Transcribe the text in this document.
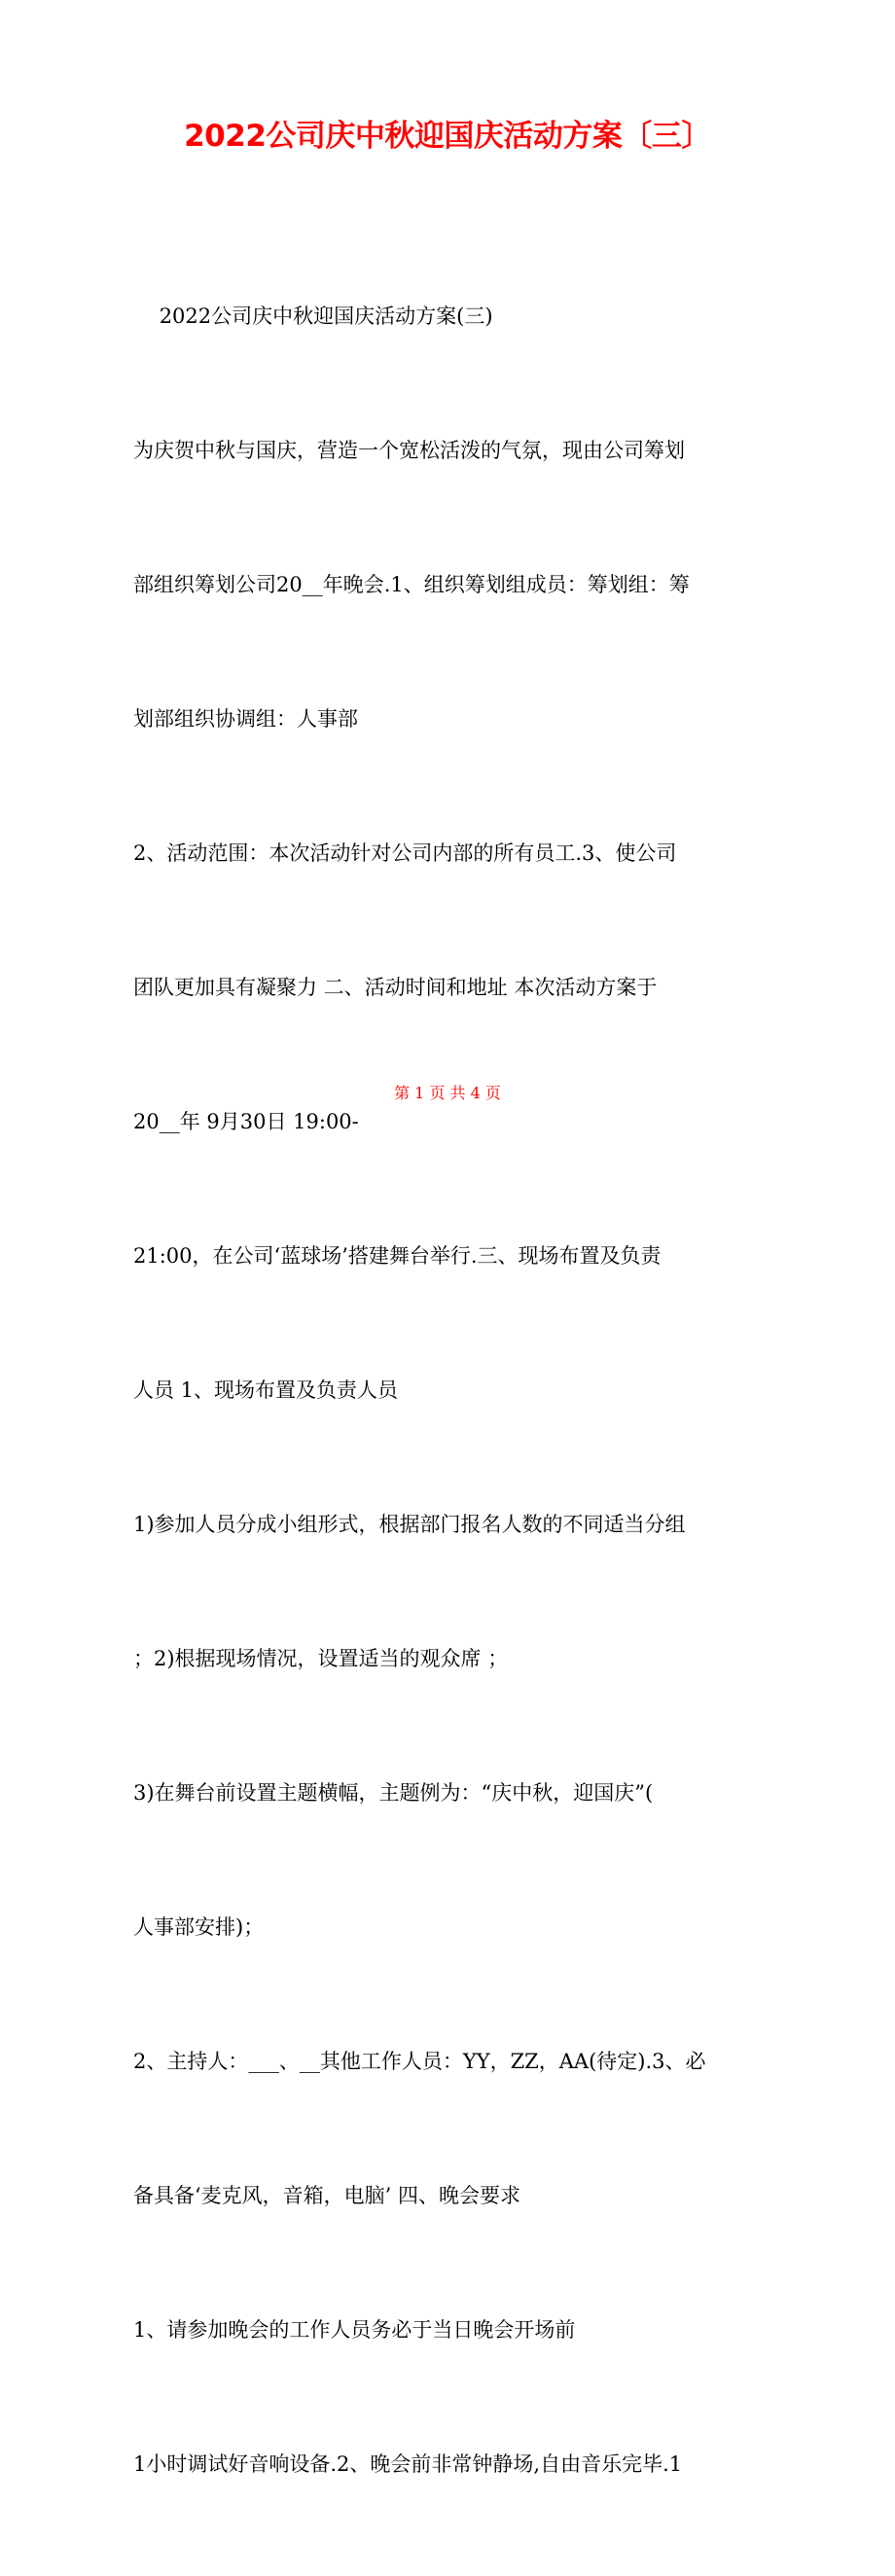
2022公司庆中秋迎国庆活动方案〔三〕

2022公司庆中秋迎国庆活动方案(三)

为庆贺中秋与国庆，营造一个宽松活泼的气氛，现由公司筹划

部组织筹划公司20__年晚会.1、组织筹划组成员：筹划组：筹

划部组织协调组：人事部

2、活动范围：本次活动针对公司内部的所有员工.3、使公司

团队更加具有凝聚力 二、活动时间和地址 本次活动方案于

20__年 9月30日 19:00-

21:00，在公司‘蓝球场’搭建舞台举行.三、现场布置及负责

人员 1、现场布置及负责人员

1)参加人员分成小组形式，根据部门报名人数的不同适当分组

；2)根据现场情况，设置适当的观众席 ；

3)在舞台前设置主题横幅，主题例为：“庆中秋，迎国庆”(

人事部安排)；

2、主持人：___、__其他工作人员：YY，ZZ，AA(待定).3、必

备具备‘麦克风，音箱，电脑’ 四、晚会要求

1、请参加晚会的工作人员务必于当日晚会开场前

1小时调试好音响设备.2、晚会前非常钟静场,自由音乐完毕.1

第 1 页 共 4 页
